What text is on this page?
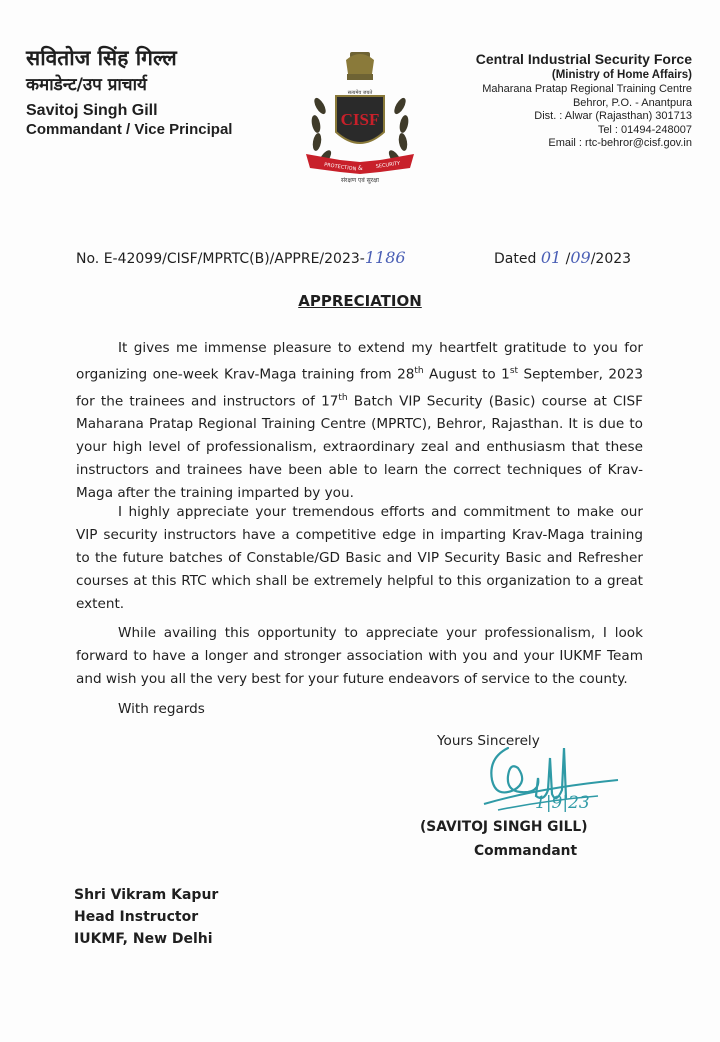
सवितोज सिंह गिल्ल
कमाडेन्ट/उप प्राचार्य
Savitoj Singh Gill
Commandant / Vice Principal
सत्यमेव जयते
CISF
PROTECTION &	SECURITY
संरक्षण एवं सुरक्षा
Central Industrial Security Force
(Ministry of Home Affairs)
Maharana Pratap Regional Training Centre
Behror, P.O. - Anantpura
Dist. : Alwar (Rajasthan) 301713
Tel : 01494-248007
Email : rtc-behror@cisf.gov.in
No. E-42099/CISF/MPRTC(B)/APPRE/2023-1186	Dated 01 /09/2023
APPRECIATION
It gives me immense pleasure to extend my heartfelt gratitude to you for organizing one-week Krav-Maga training from 28th August to 1st September, 2023 for the trainees and instructors of 17th Batch VIP Security (Basic) course at CISF Maharana Pratap Regional Training Centre (MPRTC), Behror, Rajasthan. It is due to your high level of professionalism, extraordinary zeal and enthusiasm that these instructors and trainees have been able to learn the correct techniques of Krav-Maga after the training imparted by you.
I highly appreciate your tremendous efforts and commitment to make our VIP security instructors have a competitive edge in imparting Krav-Maga training to the future batches of Constable/GD Basic and VIP Security Basic and Refresher courses at this RTC which shall be extremely helpful to this organization to a great extent.
While availing this opportunity to appreciate your professionalism, I look forward to have a longer and stronger association with you and your IUKMF Team and wish you all the very best for your future endeavors of service to the county.
With regards
Yours Sincerely
1|9|23
(SAVITOJ SINGH GILL)
Commandant
Shri Vikram Kapur
Head Instructor
IUKMF, New Delhi
